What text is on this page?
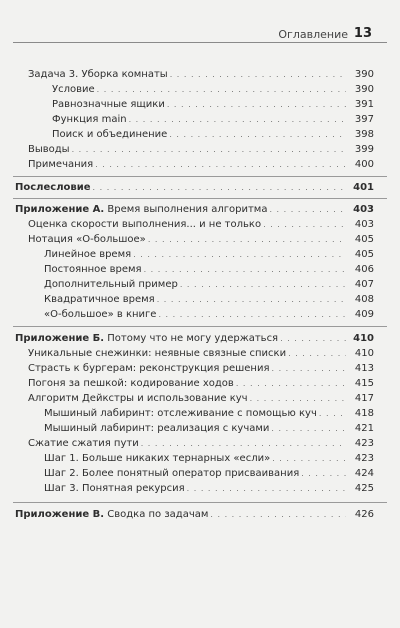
Оглавление 13
Задача 3. Уборка комнаты . . .	390
Условие . . .	390
Равнозначные ящики . . .	391
Функция main . . .	397
Поиск и объединение . . .	398
Выводы . . .	399
Примечания . . .	400
Послесловие . . .	401
Приложение А. Время выполнения алгоритма . . .	403
Оценка скорости выполнения... и не только . . .	403
Нотация «О-большое» . . .	405
Линейное время . . .	405
Постоянное время . . .	406
Дополнительный пример . . .	407
Квадратичное время . . .	408
«О-большое» в книге . . .	409
Приложение Б. Потому что не могу удержаться . . .	410
Уникальные снежинки: неявные связные списки . . .	410
Страсть к бургерам: реконструкция решения . . .	413
Погоня за пешкой: кодирование ходов . . .	415
Алгоритм Дейкстры и использование куч . . .	417
Мышиный лабиринт: отслеживание с помощью куч . . .	418
Мышиный лабиринт: реализация с кучами . . .	421
Сжатие сжатия пути . . .	423
Шаг 1. Больше никаких тернарных «если» . . .	423
Шаг 2. Более понятный оператор присваивания . . .	424
Шаг 3. Понятная рекурсия . . .	425
Приложение В. Сводка по задачам . . .	426
